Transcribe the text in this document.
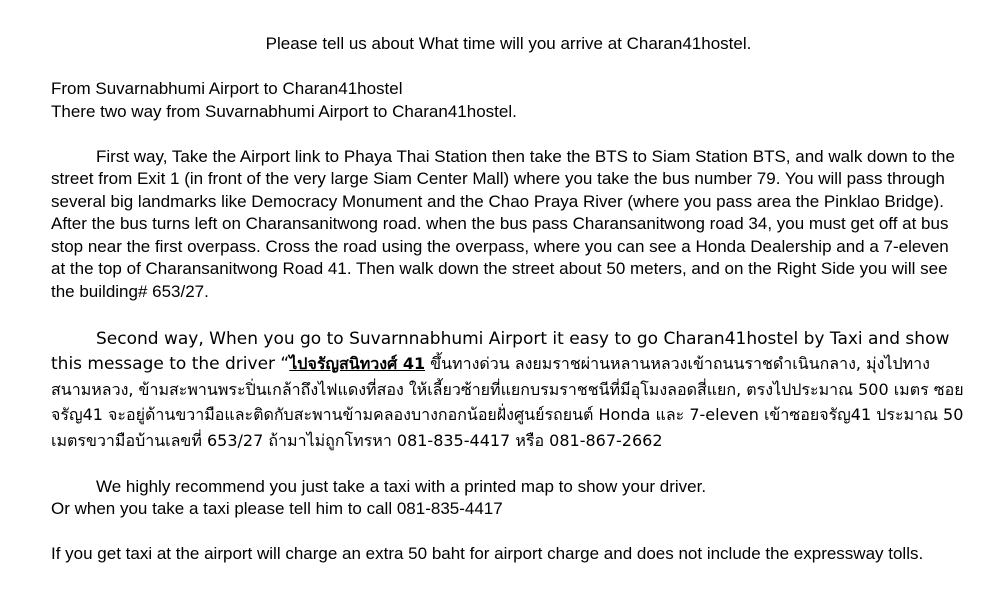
Please tell us about What time will you arrive at Charan41hostel.

From Suvarnabhumi Airport to Charan41hostel

There two way from Suvarnabhumi Airport to Charan41hostel.

First way, Take the Airport link to Phaya Thai Station then take the BTS to Siam Station BTS, and walk down to the street from Exit 1 (in front of the very large Siam Center Mall) where you take the bus number 79. You will pass through several big landmarks like Democracy Monument and the Chao Praya River (where you pass area the Pinklao Bridge). After the bus turns left on Charansanitwong road. when the bus pass Charansanitwong road 34, you must get off at bus stop near the first overpass. Cross the road using the overpass, where you can see a Honda Dealership and a 7-eleven at the top of Charansanitwong Road 41. Then walk down the street about 50 meters, and on the Right Side you will see the building# 653/27.

Second way, When you go to Suvarnnabhumi Airport it easy to go Charan41hostel by Taxi and show this message to the driver “ไปจรัญสนิทวงศ์ 41 ขึ้นทางด่วน ลงยมราชผ่านหลานหลวงเข้าถนนราชดำเนินกลาง, มุ่งไปทาง สนามหลวง, ข้ามสะพานพระปิ่นเกล้าถึงไฟแดงที่สอง ให้เลี้ยวซ้ายที่แยกบรมราชชนีที่มีอุโมงลอดสี่แยก, ตรงไปประมาณ 500 เมตร ซอยจรัญ41 จะอยู่ด้านขวามือและติดกับสะพานข้ามคลองบางกอกน้อยฝั่งศูนย์รถยนต์ Honda และ 7-eleven เข้าซอยจรัญ41 ประมาณ 50 เมตรขวามือบ้านเลขที่ 653/27 ถ้ามาไม่ถูกโทรหา 081-835-4417 หรือ 081-867-2662

We highly recommend you just take a taxi with a printed map to show your driver.

Or when you take a taxi please tell him to call 081-835-4417

If you get taxi at the airport will charge an extra 50 baht for airport charge and does not include the expressway tolls.
